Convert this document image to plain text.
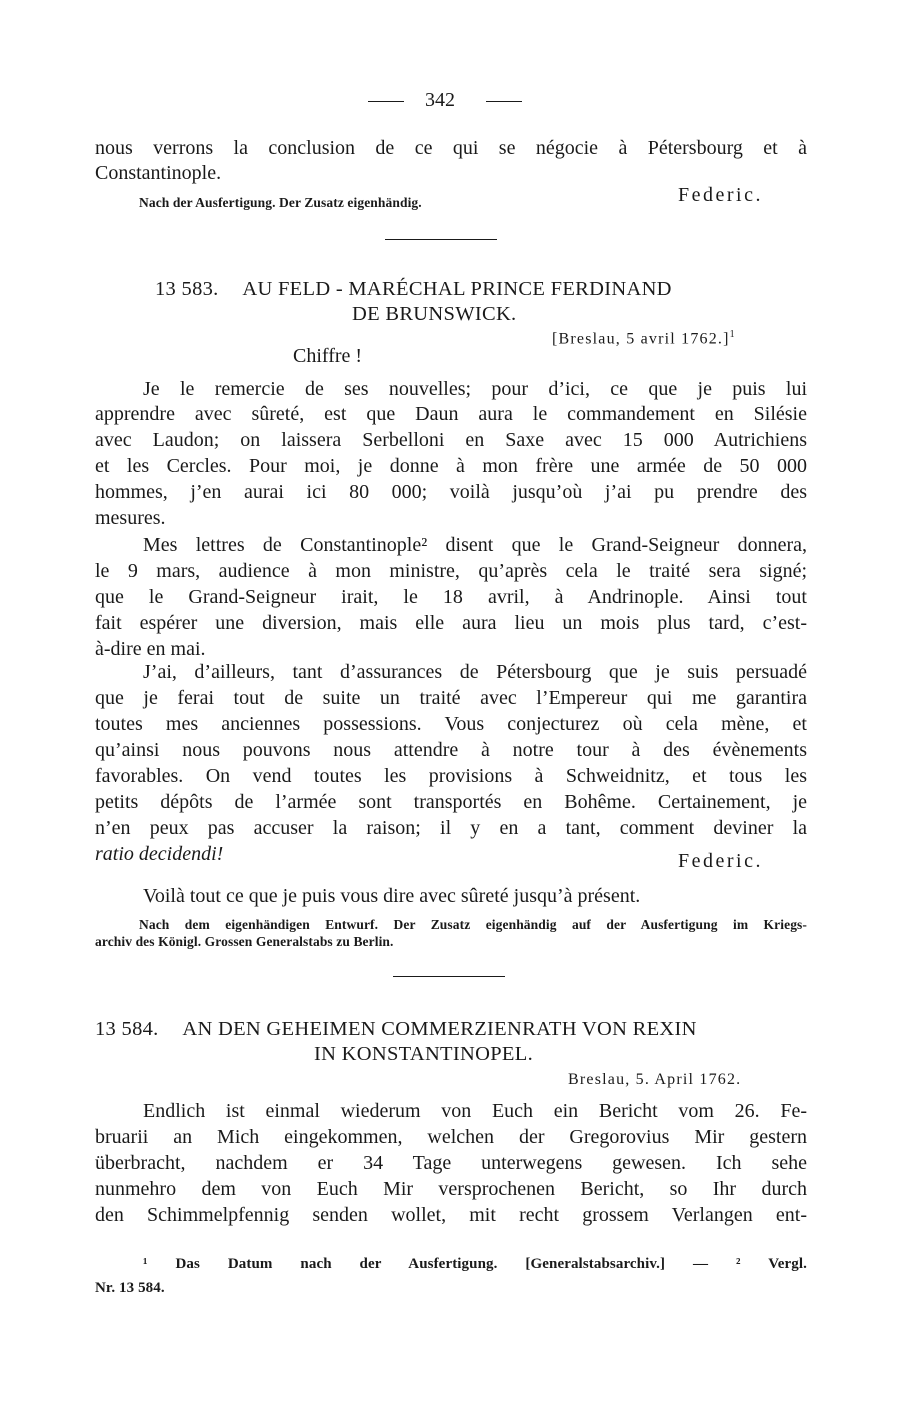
342
nous verrons la conclusion de ce qui se négocie à Pétersbourg et à
Constantinople.
Nach der Ausfertigung. Der Zusatz eigenhändig.	Federic.
13 583. AU FELD - MARÉCHAL PRINCE FERDINAND
DE BRUNSWICK.
[Breslau, 5 avril 1762.]$^1$
Chiffre !
Je le remercie de ses nouvelles; pour d’ici, ce que je puis lui
apprendre avec sûreté, est que Daun aura le commandement en Silésie
avec Laudon; on laissera Serbelloni en Saxe avec 15 000 Autrichiens
et les Cercles. Pour moi, je donne à mon frère une armée de 50 000
hommes, j’en aurai ici 80 000; voilà jusqu’où j’ai pu prendre des
mesures.
Mes lettres de Constantinople² disent que le Grand-Seigneur donnera,
le 9 mars, audience à mon ministre, qu’après cela le traité sera signé;
que le Grand-Seigneur irait, le 18 avril, à Andrinople. Ainsi tout
fait espérer une diversion, mais elle aura lieu un mois plus tard, c’est-
à-dire en mai.
J’ai, d’ailleurs, tant d’assurances de Pétersbourg que je suis persuadé
que je ferai tout de suite un traité avec l’Empereur qui me garantira
toutes mes anciennes possessions. Vous conjecturez où cela mène, et
qu’ainsi nous pouvons nous attendre à notre tour à des évènements
favorables. On vend toutes les provisions à Schweidnitz, et tous les
petits dépôts de l’armée sont transportés en Bohême. Certainement, je
n’en peux pas accuser la raison; il y en a tant, comment deviner la
ratio decidendi!	Federic.
Voilà tout ce que je puis vous dire avec sûreté jusqu’à présent.
Nach dem eigenhändigen Entwurf. Der Zusatz eigenhändig auf der Ausfertigung im Kriegs-
archiv des Königl. Grossen Generalstabs zu Berlin.
13 584. AN DEN GEHEIMEN COMMERZIENRATH VON REXIN
IN KONSTANTINOPEL.
Breslau, 5. April 1762.
Endlich ist einmal wiederum von Euch ein Bericht vom 26. Fe-
bruarii an Mich eingekommen, welchen der Gregorovius Mir gestern
überbracht, nachdem er 34 Tage unterwegens gewesen. Ich sehe
nunmehro dem von Euch Mir versprochenen Bericht, so Ihr durch
den Schimmelpfennig senden wollet, mit recht grossem Verlangen ent-
¹ Das Datum nach der Ausfertigung. [Generalstabsarchiv.] — ² Vergl.
Nr. 13 584.
